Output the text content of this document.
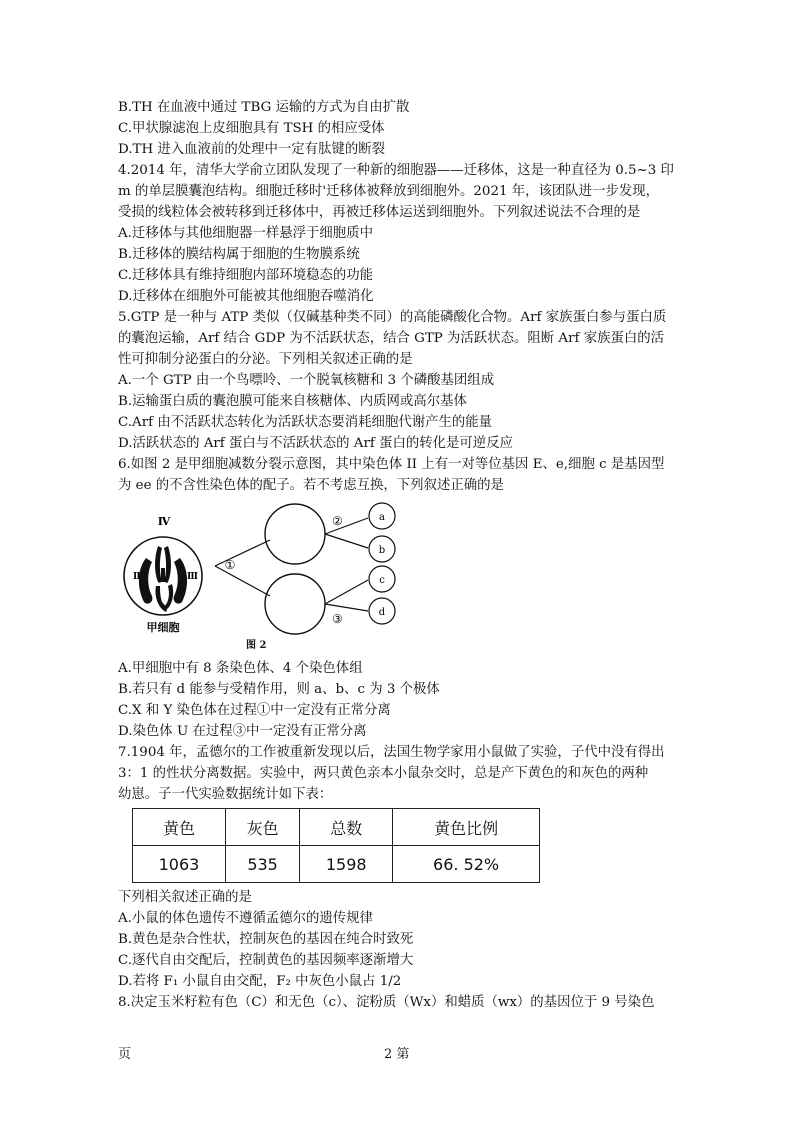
B.TH 在血液中通过 TBG 运输的方式为自由扩散
C.甲状腺滤泡上皮细胞具有 TSH 的相应受体
D.TH 进入血液前的处理中一定有肽键的断裂
4.2014 年，清华大学俞立团队发现了一种新的细胞器——迁移体，这是一种直径为 0.5~3 印
m 的单层膜囊泡结构。细胞迁移时'迁移体被释放到细胞外。2021 年，该团队进一步发现，
受损的线粒体会被转移到迁移体中，再被迁移体运送到细胞外。下列叙述说法不合理的是
A.迁移体与其他细胞器一样悬浮于细胞质中
B.迁移体的膜结构属于细胞的生物膜系统
C.迁移体具有维持细胞内部环境稳态的功能
D.迁移体在细胞外可能被其他细胞吞噬消化
5.GTP 是一种与 ATP 类似（仅碱基种类不同）的高能磷酸化合物。Arf 家族蛋白参与蛋白质
的囊泡运输，Arf 结合 GDP 为不活跃状态，结合 GTP 为活跃状态。阻断 Arf 家族蛋白的活
性可抑制分泌蛋白的分泌。下列相关叙述正确的是
A.一个 GTP 由一个鸟嘌呤、一个脱氧核糖和 3 个磷酸基团组成
B.运输蛋白质的囊泡膜可能来自核糖体、内质网或高尔基体
C.Arf 由不活跃状态转化为活跃状态要消耗细胞代谢产生的能量
D.活跃状态的 Arf 蛋白与不活跃状态的 Arf 蛋白的转化是可逆反应
6.如图 2 是甲细胞减数分裂示意图，其中染色体 II 上有一对等位基因 E、e,细胞 c 是基因型
为 ee 的不含性染色体的配子。若不考虑互换，下列叙述正确的是
Ⅳ
Ⅱ	Ⅲ
甲细胞
①
②
③
a
b
c
d
图 2
A.甲细胞中有 8 条染色体、4 个染色体组
B.若只有 d 能参与受精作用，则 a、b、c 为 3 个极体
C.X 和 Y 染色体在过程①中一定没有正常分离
D.染色体 U 在过程③中一定没有正常分离
7.1904 年，孟德尔的工作被重新发现以后，法国生物学家用小鼠做了实验，子代中没有得出
3：1 的性状分离数据。实验中，两只黄色亲本小鼠杂交时，总是产下黄色的和灰色的两种
幼崽。子一代实验数据统计如下表：
黄色	灰色	总数	黄色比例
1063	535	1598	66. 52%
下列相关叙述正确的是
A.小鼠的体色遗传不遵循孟德尔的遗传规律
B.黄色是杂合性状，控制灰色的基因在纯合时致死
C.逐代自由交配后，控制黄色的基因频率逐渐增大
D.若将 F₁ 小鼠自由交配，F₂ 中灰色小鼠占 1/2
8.决定玉米籽粒有色（C）和无色（c）、淀粉质（Wx）和蜡质（wx）的基因位于 9 号染色
页	2 第
